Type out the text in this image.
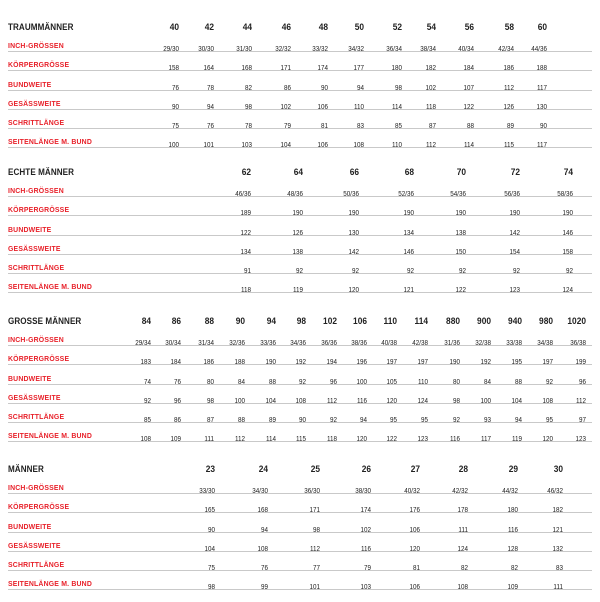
TRAUMMÄNNER	40	42	44	46	48	50	52	54	56	58	60
INCH-GRÖSSEN	29/30	30/30	31/30	32/32	33/32	34/32	36/34	38/34	40/34	42/34	44/36
KÖRPERGRÖSSE	158	164	168	171	174	177	180	182	184	186	188
BUNDWEITE	76	78	82	86	90	94	98	102	107	112	117
GESÄSSWEITE	90	94	98	102	106	110	114	118	122	126	130
SCHRITTLÄNGE	75	76	78	79	81	83	85	87	88	89	90
SEITENLÄNGE M. BUND	100	101	103	104	106	108	110	112	114	115	117
ECHTE MÄNNER	62	64	66	68	70	72	74
INCH-GRÖSSEN	46/36	48/36	50/36	52/36	54/36	56/36	58/36
KÖRPERGRÖSSE	189	190	190	190	190	190	190
BUNDWEITE	122	126	130	134	138	142	146
GESÄSSWEITE	134	138	142	146	150	154	158
SCHRITTLÄNGE	91	92	92	92	92	92	92
SEITENLÄNGE M. BUND	118	119	120	121	122	123	124
GROSSE MÄNNER	84	86	88	90	94	98	102	106	110	114	880	900	940	980	1020
INCH-GRÖSSEN	29/34	30/34	31/34	32/36	33/36	34/36	36/36	38/36	40/38	42/38	31/36	32/38	33/38	34/38	36/38
KÖRPERGRÖSSE	183	184	186	188	190	192	194	196	197	197	190	192	195	197	199
BUNDWEITE	74	76	80	84	88	92	96	100	105	110	80	84	88	92	96
GESÄSSWEITE	92	96	98	100	104	108	112	116	120	124	98	100	104	108	112
SCHRITTLÄNGE	85	86	87	88	89	90	92	94	95	95	92	93	94	95	97
SEITENLÄNGE M. BUND	108	109	111	112	114	115	118	120	122	123	116	117	119	120	123
MÄNNER	23	24	25	26	27	28	29	30
INCH-GRÖSSEN	33/30	34/30	36/30	38/30	40/32	42/32	44/32	46/32
KÖRPERGRÖSSE	165	168	171	174	176	178	180	182
BUNDWEITE	90	94	98	102	106	111	116	121
GESÄSSWEITE	104	108	112	116	120	124	128	132
SCHRITTLÄNGE	75	76	77	79	81	82	82	83
SEITENLÄNGE M. BUND	98	99	101	103	106	108	109	111
